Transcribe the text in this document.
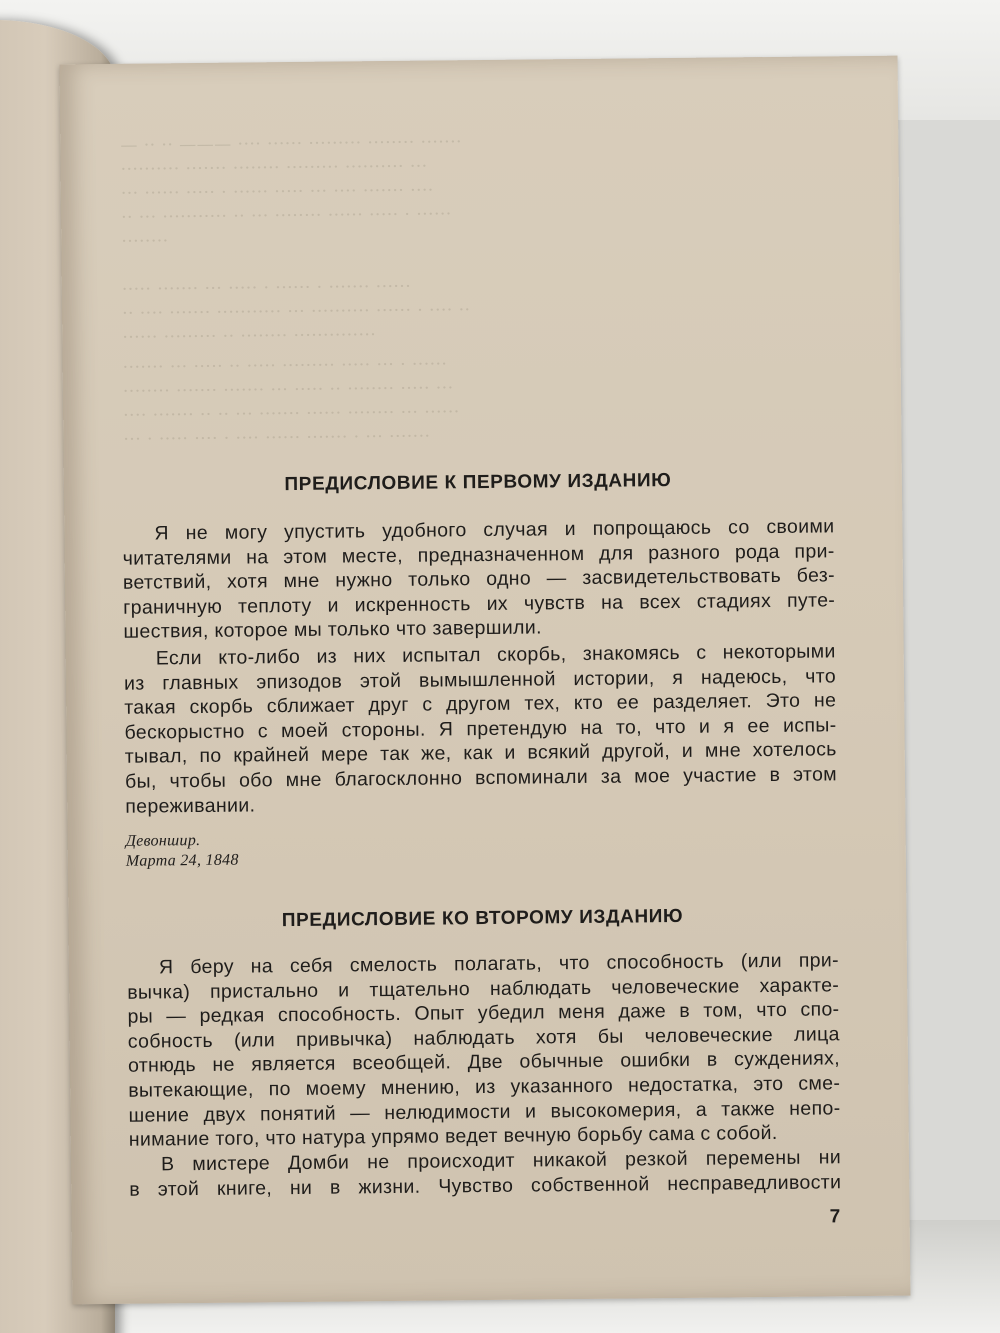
— ·· ·· ——— ···· ······ ········· ········ ·······
·········· ······· ········ ········· ·········· ···
··· ······ ····· · ······ ····· ··· ···· ······· ····
·· ··· ··········· ·· ··· ········ ······ ····· · ······
········
····· ······· ··· ····· · ······ · ······· ······
·· ···· ······· ··········· ··· ·········· ······ · ···· ··
······ ········· ·· ········ ··············
······· ··· ····· ·· ····· ········· ····· ··· · ······
········ ······· ······· ··· ····· ·· ········ ····· ···
···· ······· ·· ·· ··· ······· ······ ········ ··· ······
··· · ····· ···· · ···· ······ ······· · ··· ·······
ПРЕДИСЛОВИЕ К ПЕРВОМУ ИЗДАНИЮ
Я не могу упустить удобного случая и попрощаюсь со своими
читателями на этом месте, предназначенном для разного рода при-
ветствий, хотя мне нужно только одно — засвидетельствовать без-
граничную теплоту и искренность их чувств на всех стадиях путе-
шествия, которое мы только что завершили.
Если кто-либо из них испытал скорбь, знакомясь с некоторыми
из главных эпизодов этой вымышленной истории, я надеюсь, что
такая скорбь сближает друг с другом тех, кто ее разделяет. Это не
бескорыстно с моей стороны. Я претендую на то, что и я ее испы-
тывал, по крайней мере так же, как и всякий другой, и мне хотелось
бы, чтобы обо мне благосклонно вспоминали за мое участие в этом
переживании.
Девоншир.
Марта 24, 1848
ПРЕДИСЛОВИЕ КО ВТОРОМУ ИЗДАНИЮ
Я беру на себя смелость полагать, что способность (или при-
вычка) пристально и тщательно наблюдать человеческие характе-
ры — редкая способность. Опыт убедил меня даже в том, что спо-
собность (или привычка) наблюдать хотя бы человеческие лица
отнюдь не является всеобщей. Две обычные ошибки в суждениях,
вытекающие, по моему мнению, из указанного недостатка, это сме-
шение двух понятий — нелюдимости и высокомерия, а также непо-
нимание того, что натура упрямо ведет вечную борьбу сама с собой.
В мистере Домби не происходит никакой резкой перемены ни
в этой книге, ни в жизни. Чувство собственной несправедливости
7
